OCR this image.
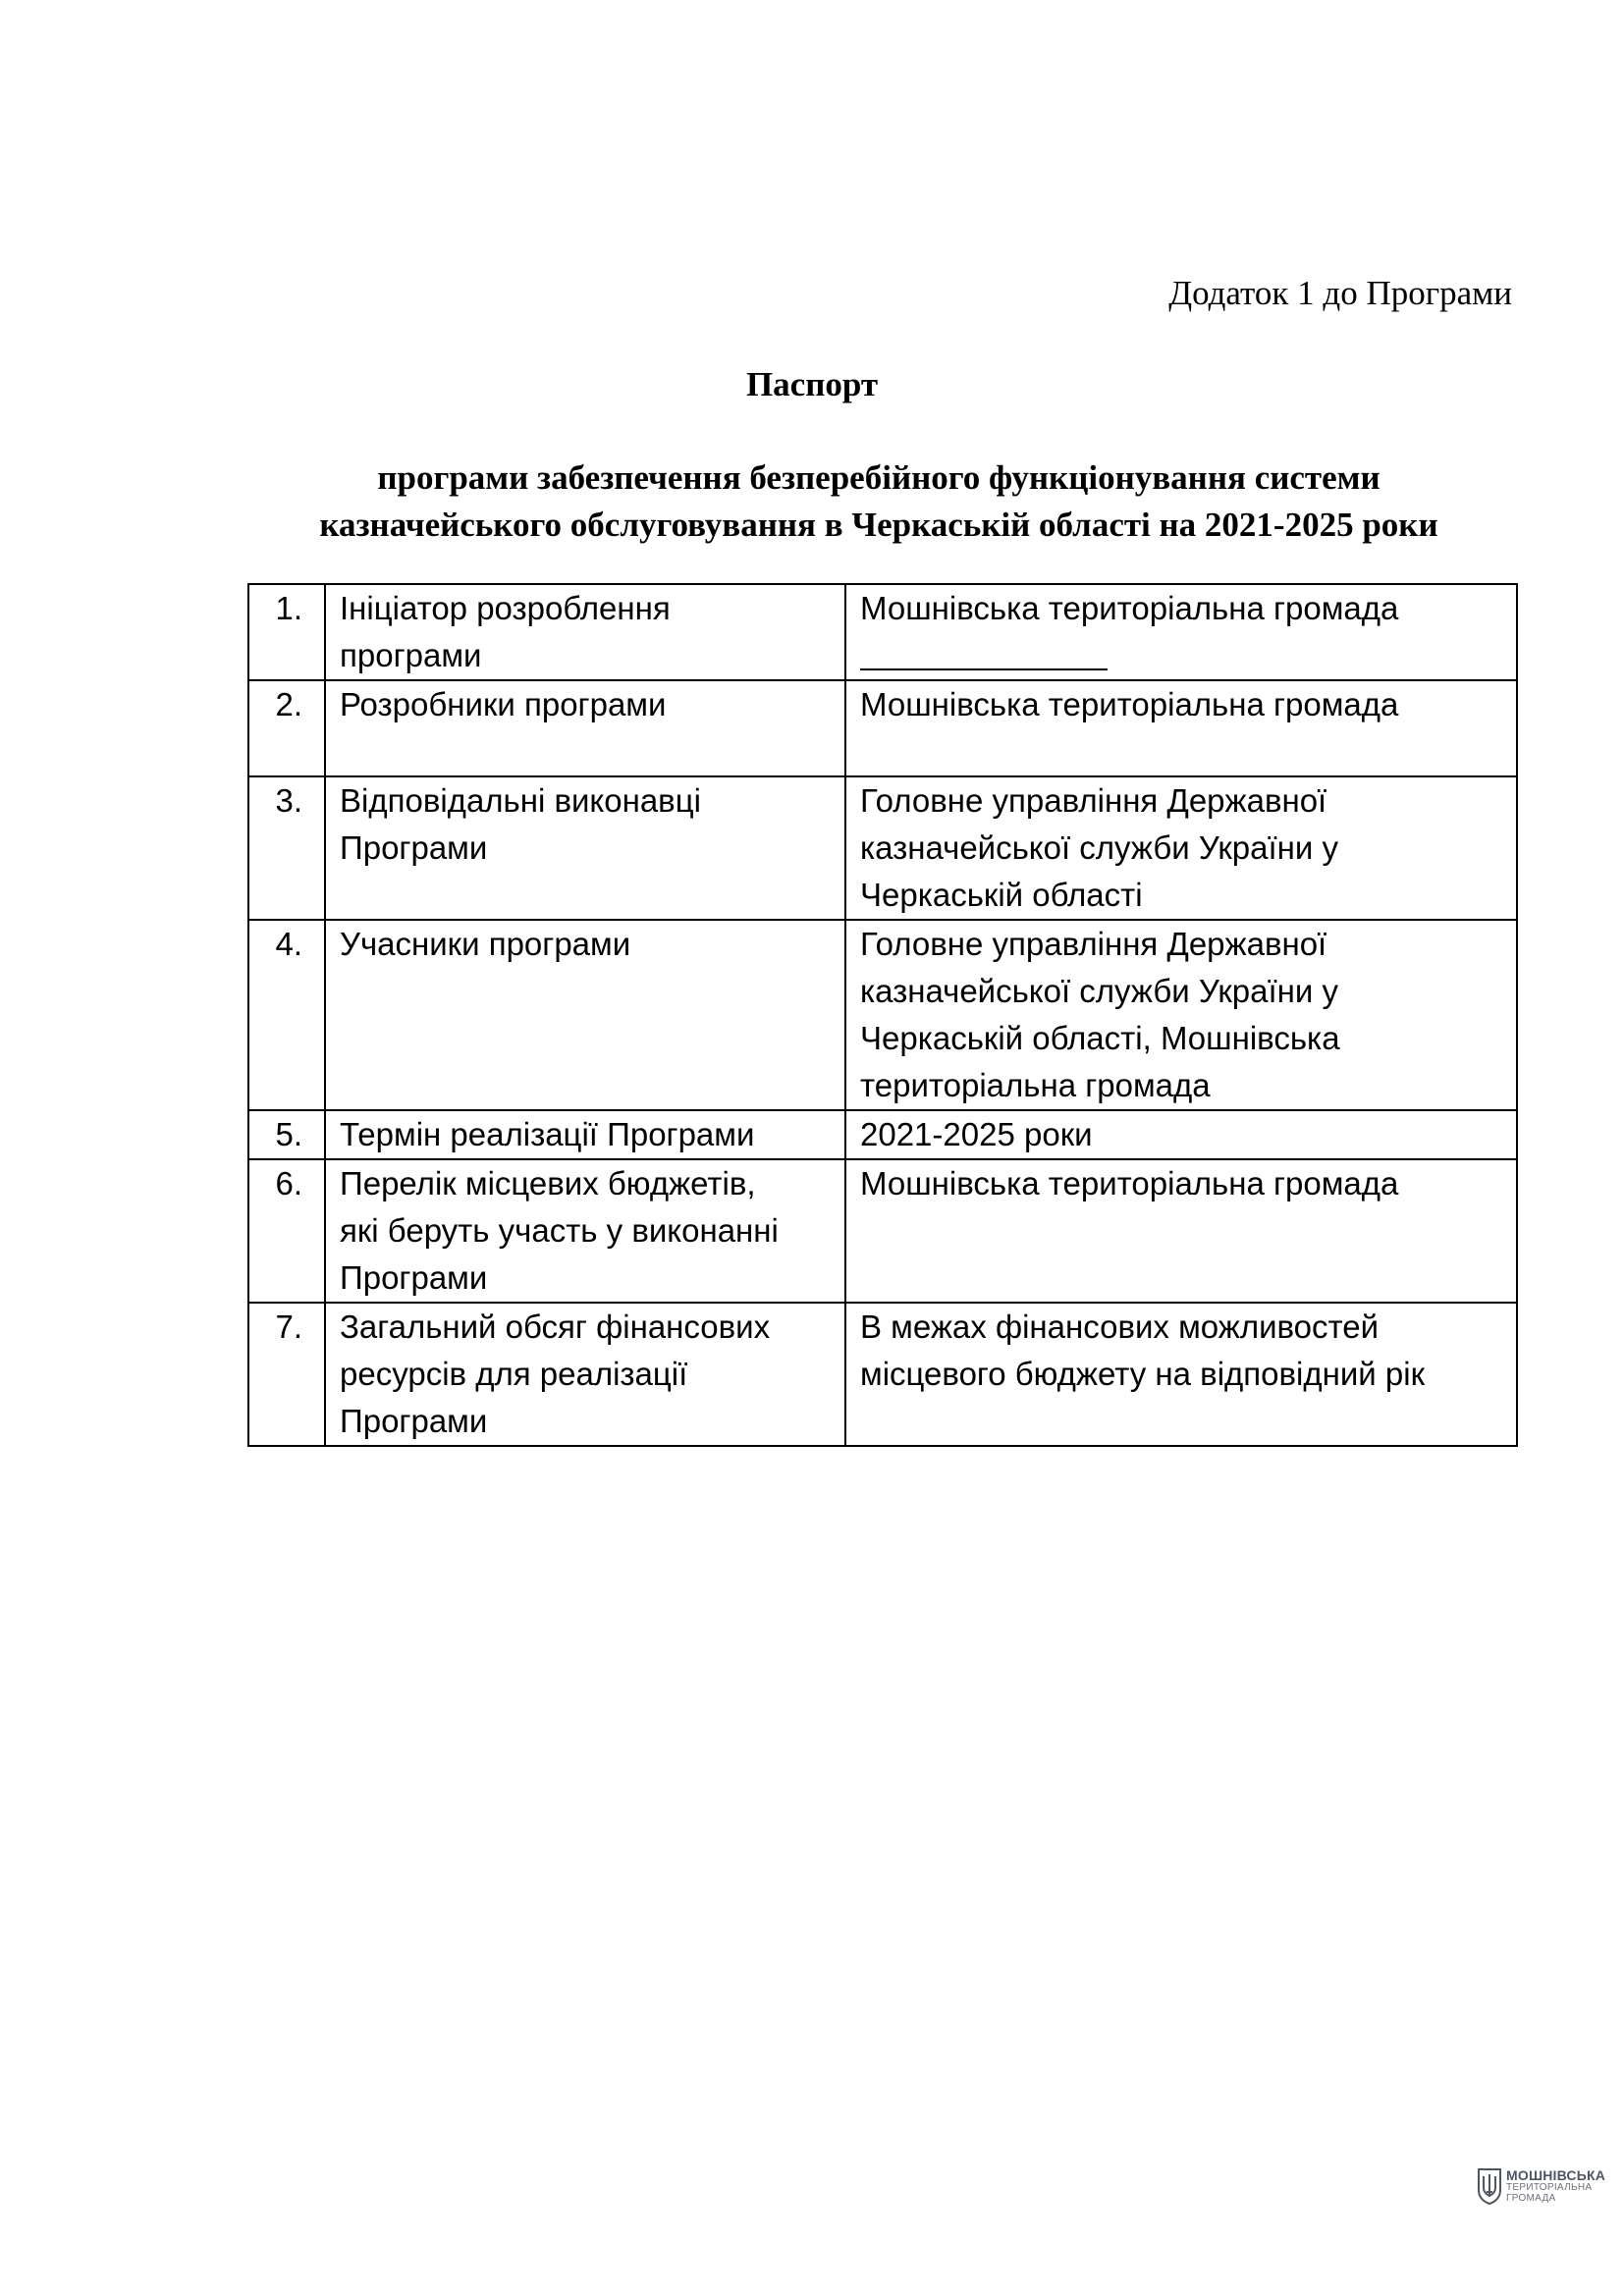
Додаток 1 до Програми
Паспорт
програми забезпечення безперебійного функціонування системи
казначейського обслуговування в Черкаській області на 2021-2025 роки
1.	Ініціатор розроблення
програми	Мошнівська територіальна громада

2.	Розробники програми	Мошнівська територіальна громада

3.	Відповідальні виконавці
Програми	Головне управління Державної
казначейської служби України у
Черкаській області

4.	Учасники програми	Головне управління Державної
казначейської служби України у
Черкаській області, Мошнівська
територіальна громада

5.	Термін реалізації Програми	2021-2025 роки

6.	Перелік місцевих бюджетів,
які беруть участь у виконанні
Програми	Мошнівська територіальна громада

7.	Загальний обсяг фінансових
ресурсів для реалізації
Програми	В межах фінансових можливостей
місцевого бюджету на відповідний рік
МОШНІВСЬКА
ТЕРИТОРІАЛЬНА
ГРОМАДА
